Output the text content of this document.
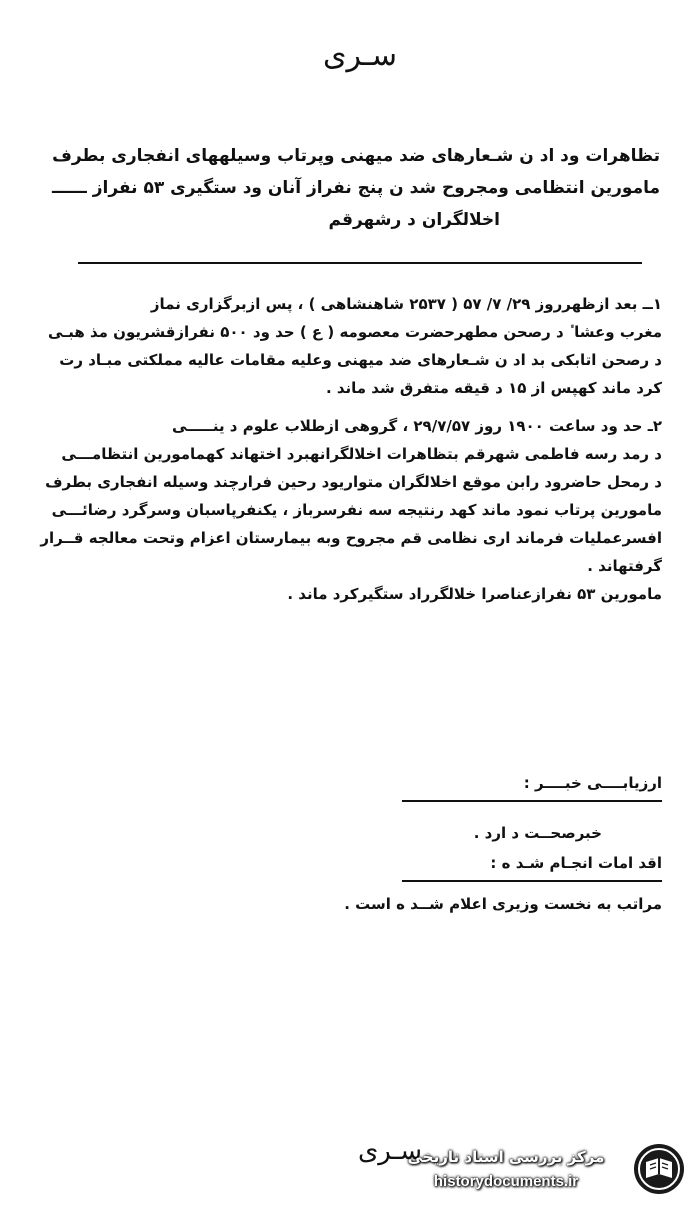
سـری
تظاهرات ود اد ن شـعارهای ضد میهنی وپرتاب وسیلههای انفجاری بطرف
مامورین انتظامی ومجروح شد ن پنج نفراز آنان ود ستگیری ۵۳ نفراز ــــــ
اخلالگران د رشهرقم
۱ــ بعد ازظهرروز ۲۹/ ۷/ ۵۷ ( ۲۵۳۷ شاهنشاهی ) ، پس ازبرگزاری نماز
مغرب وعشا ٔ د رصحن مطهرحضرت معصومه ( ع ) حد ود ۵۰۰ نفرازقشریون مذ هبـی
د رصحن اتابکی بد اد ن شـعارهای ضد میهنی وعلیه مقامات عالیه مملکتی مبـاد رت
کرد ماند کهپس از ۱۵ د قیقه متفرق شد ماند .
۲ـ حد ود ساعت ۱۹۰۰ روز ۲۹/۷/۵۷ ، گروهی ازطلاب علوم د ینـــــی
د رمد رسه فاطمی شهرقم بتظاهرات اخلالگرانهبرد اختهاند کهمامورین انتظامـــی
د رمحل حاضرود رابن موقع اخلالگران متواریود رحین فرارچند وسیله انفجاری بطرف
مامورین پرتاب نمود ماند کهد رنتیجه سه نفرسرباز ، یکنفرپاسبان وسرگرد رضائـــی
افسرعملیات فرماند اری نظامی قم مجروح وبه بیمارستان اعزام وتحت معالجه قــرار
گرفتهاند .
مامورین ۵۳ نفرازعناصرا خلالگرراد ستگیرکرد ماند .
ارزیابــــی خبــــر :
خبرصحــت د ارد .
اقد امات انجـام شـد ه :
مراتب به نخست وزیری اعلام شــد ه است .
سـری
مرکز بررسی اسناد تاریخی
historydocuments.ir
